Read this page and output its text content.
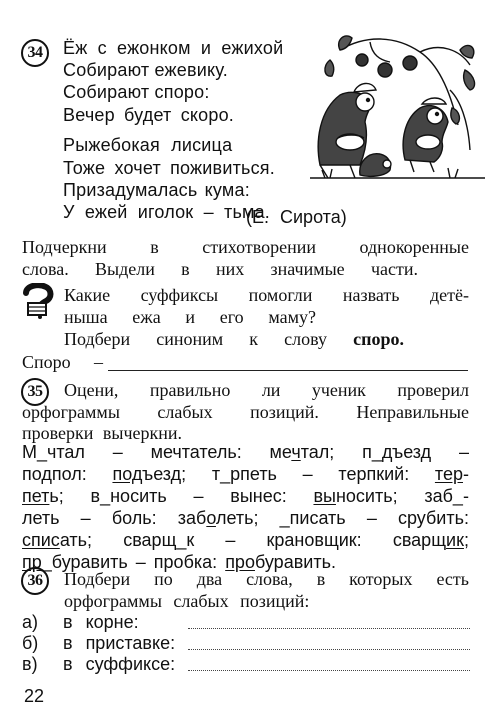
34	Ёж с ежонком и ежихой
Собирают ежевику.
Собирают споро:
Вечер будет скоро.
Рыжебокая лисица
Тоже хочет поживиться.
Призадумалась кума:
У ежей иголок – тьма.
(Е. Сирота)
Подчеркни в стихотворении однокоренные
слова. Выдели в них значимые части.
Какие суффиксы помогли назвать детё-
ныша ежа и его маму?
Подбери синоним к слову споро.
Споро –
35	Оцени, правильно ли ученик проверил
орфограммы слабых позиций. Неправильные
проверки вычеркни.
М_чтал – мечтатель: мечтал; п_дъезд –
подпол: подъезд; т_рпеть – терпкий: тер-
петь; в_носить – вынес: выносить; заб_-
леть – боль: заболеть; _писать – срубить:
списать; сварщ_к – крановщик: сварщик;
пр_буравить – пробка: пробуравить.
36	Подбери по два слова, в которых есть
орфограммы слабых позиций:
а) в корне:
б) в приставке:
в) в суффиксе:
22
